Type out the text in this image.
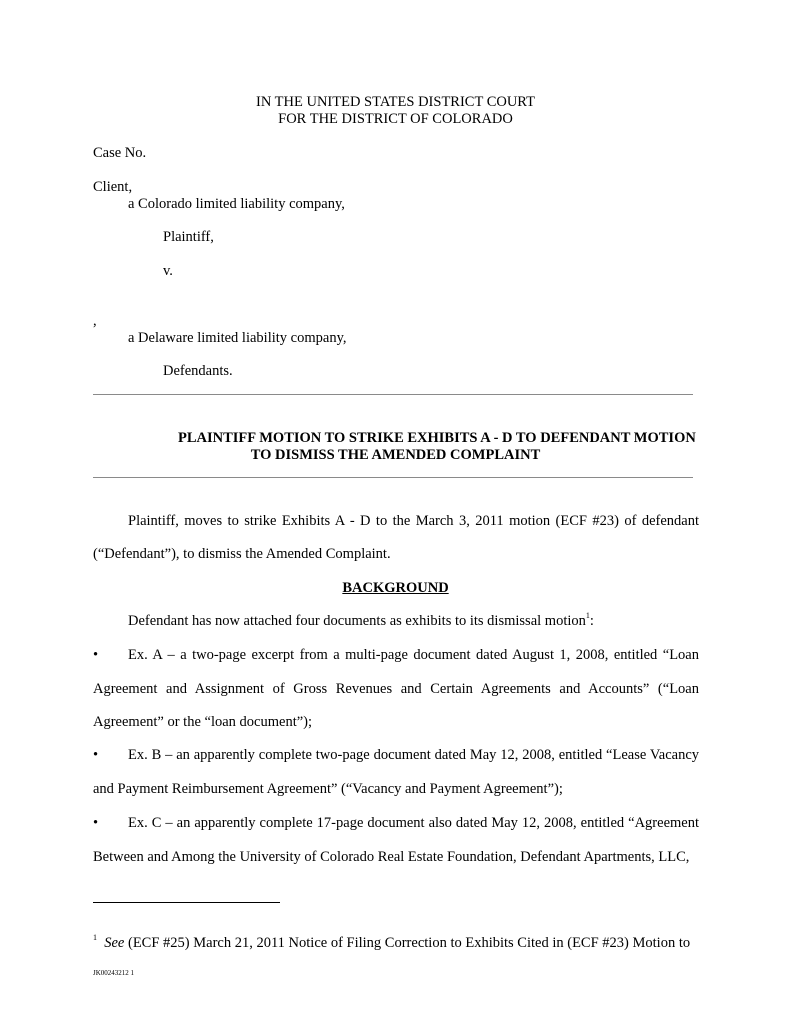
IN THE UNITED STATES DISTRICT COURT
FOR THE DISTRICT OF COLORADO
Case No.
Client,
a Colorado limited liability company,
Plaintiff,
v.
,
a Delaware limited liability company,
Defendants.
PLAINTIFF MOTION TO STRIKE EXHIBITS A - D TO DEFENDANT MOTION
TO DISMISS THE AMENDED COMPLAINT
Plaintiff, moves to strike Exhibits A - D to the March 3, 2011 motion (ECF #23) of defendant
(“Defendant”), to dismiss the Amended Complaint.
BACKGROUND
Defendant has now attached four documents as exhibits to its dismissal motion$^1$:
• Ex. A – a two-page excerpt from a multi-page document dated August 1, 2008, entitled “Loan
Agreement and Assignment of Gross Revenues and Certain Agreements and Accounts” (“Loan
Agreement” or the “loan document”);
• Ex. B – an apparently complete two-page document dated May 12, 2008, entitled “Lease Vacancy
and Payment Reimbursement Agreement” (“Vacancy and Payment Agreement”);
• Ex. C – an apparently complete 17-page document also dated May 12, 2008, entitled “Agreement
Between and Among the University of Colorado Real Estate Foundation, Defendant Apartments, LLC,
$^1$ See (ECF #25) March 21, 2011 Notice of Filing Correction to Exhibits Cited in (ECF #23) Motion to
JK00243212 1
